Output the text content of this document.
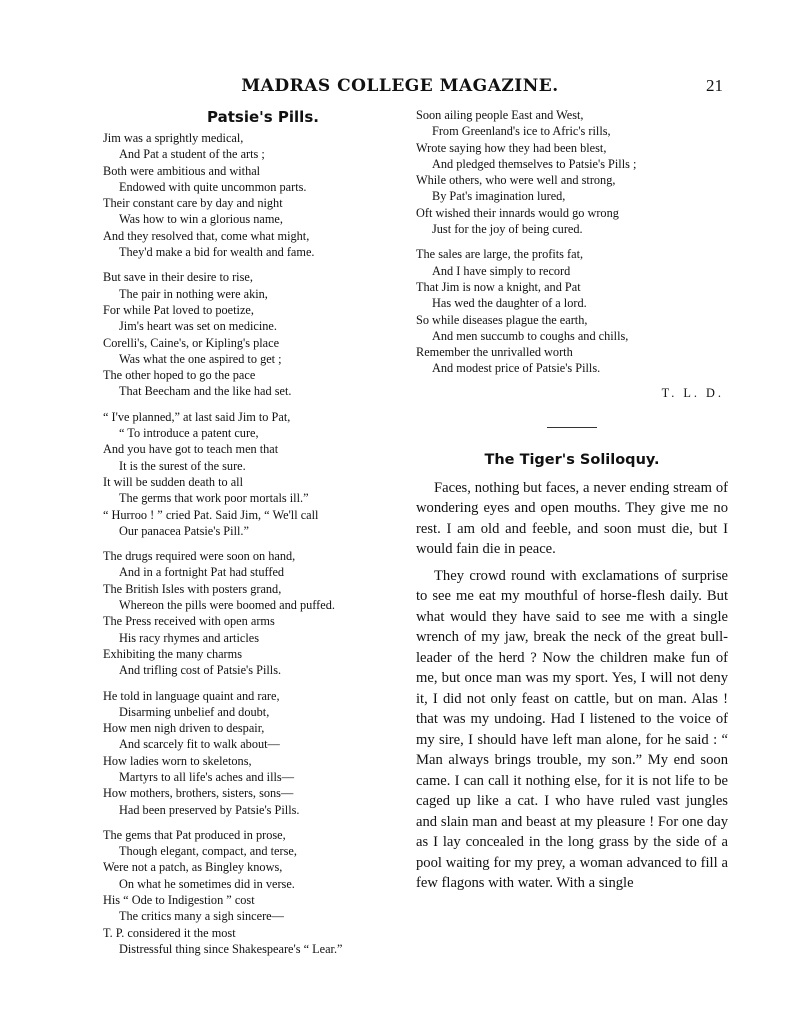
MADRAS COLLEGE MAGAZINE.	21
Patsie's Pills.
Jim was a sprightly medical,
And Pat a student of the arts ;
Both were ambitious and withal
Endowed with quite uncommon parts.
Their constant care by day and night
Was how to win a glorious name,
And they resolved that, come what might,
They'd make a bid for wealth and fame.
But save in their desire to rise,
The pair in nothing were akin,
For while Pat loved to poetize,
Jim's heart was set on medicine.
Corelli's, Caine's, or Kipling's place
Was what the one aspired to get ;
The other hoped to go the pace
That Beecham and the like had set.
“ I've planned,” at last said Jim to Pat,
“ To introduce a patent cure,
And you have got to teach men that
It is the surest of the sure.
It will be sudden death to all
The germs that work poor mortals ill.”
“ Hurroo ! ” cried Pat. Said Jim, “ We'll call
Our panacea Patsie's Pill.”
The drugs required were soon on hand,
And in a fortnight Pat had stuffed
The British Isles with posters grand,
Whereon the pills were boomed and puffed.
The Press received with open arms
His racy rhymes and articles
Exhibiting the many charms
And trifling cost of Patsie's Pills.
He told in language quaint and rare,
Disarming unbelief and doubt,
How men nigh driven to despair,
And scarcely fit to walk about—
How ladies worn to skeletons,
Martyrs to all life's aches and ills—
How mothers, brothers, sisters, sons—
Had been preserved by Patsie's Pills.
The gems that Pat produced in prose,
Though elegant, compact, and terse,
Were not a patch, as Bingley knows,
On what he sometimes did in verse.
His “ Ode to Indigestion ” cost
The critics many a sigh sincere—
T. P. considered it the most
Distressful thing since Shakespeare's “ Lear.”
Soon ailing people East and West,
From Greenland's ice to Afric's rills,
Wrote saying how they had been blest,
And pledged themselves to Patsie's Pills ;
While others, who were well and strong,
By Pat's imagination lured,
Oft wished their innards would go wrong
Just for the joy of being cured.
The sales are large, the profits fat,
And I have simply to record
That Jim is now a knight, and Pat
Has wed the daughter of a lord.
So while diseases plague the earth,
And men succumb to coughs and chills,
Remember the unrivalled worth
And modest price of Patsie's Pills.
T. L. D.
The Tiger's Soliloquy.

Faces, nothing but faces, a never ending stream of wondering eyes and open mouths. They give me no rest. I am old and feeble, and soon must die, but I would fain die in peace.

They crowd round with exclamations of surprise to see me eat my mouthful of horse-flesh daily. But what would they have said to see me with a single wrench of my jaw, break the neck of the great bull-leader of the herd ? Now the children make fun of me, but once man was my sport. Yes, I will not deny it, I did not only feast on cattle, but on man. Alas ! that was my undoing. Had I listened to the voice of my sire, I should have left man alone, for he said : “ Man always brings trouble, my son.” My end soon came. I can call it nothing else, for it is not life to be caged up like a cat. I who have ruled vast jungles and slain man and beast at my pleasure ! For one day as I lay concealed in the long grass by the side of a pool waiting for my prey, a woman advanced to fill a few flagons with water. With a single
